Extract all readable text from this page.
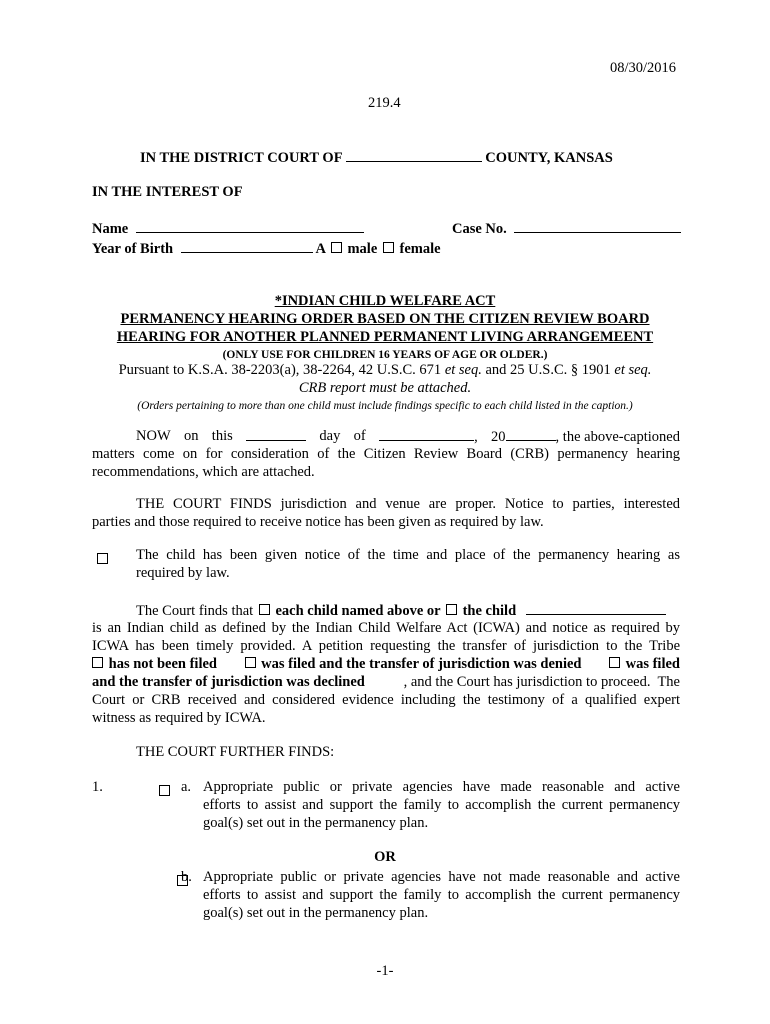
08/30/2016
219.4
IN THE DISTRICT COURT OF	COUNTY, KANSAS
IN THE INTEREST OF
Name	Case No.
Year of Birth	A male female
*INDIAN CHILD WELFARE ACT
PERMANENCY HEARING ORDER BASED ON THE CITIZEN REVIEW BOARD
HEARING FOR ANOTHER PLANNED PERMANENT LIVING ARRANGEMEENT
(ONLY USE FOR CHILDREN 16 YEARS OF AGE OR OLDER.)
Pursuant to K.S.A. 38-2203(a), 38-2264, 42 U.S.C. 671 et seq. and 25 U.S.C. § 1901 et seq.
CRB report must be attached.
(Orders pertaining to more than one child must include findings specific to each child listed in the caption.)
NOW on this	day of	, 20	, the above-captioned
matters come on for consideration of the Citizen Review Board (CRB) permanency hearing
recommendations, which are attached.
THE COURT FINDS jurisdiction and venue are proper. Notice to parties, interested
parties and those required to receive notice has been given as required by law.

The child has been given notice of the time and place of the permanency hearing as
required by law.
The Court finds that  each child named above or  the child
is an Indian child as defined by the Indian Child Welfare Act (ICWA) and notice as required by
ICWA has been timely provided. A petition requesting the transfer of jurisdiction to the Tribe
has not been filed	was filed and the transfer of jurisdiction was denied	was filed
and the transfer of jurisdiction was declined	, and the Court has jurisdiction to proceed.  The
Court or CRB received and considered evidence including the testimony of a qualified expert
witness as required by ICWA.
THE COURT FURTHER FINDS:
1.
	a. Appropriate public or private agencies have made reasonable and active
efforts to assist and support the family to accomplish the current permanency
goal(s) set out in the permanency plan.
OR
b. Appropriate public or private agencies have not made reasonable and active
efforts to assist and support the family to accomplish the current permanency
goal(s) set out in the permanency plan.
-1-
